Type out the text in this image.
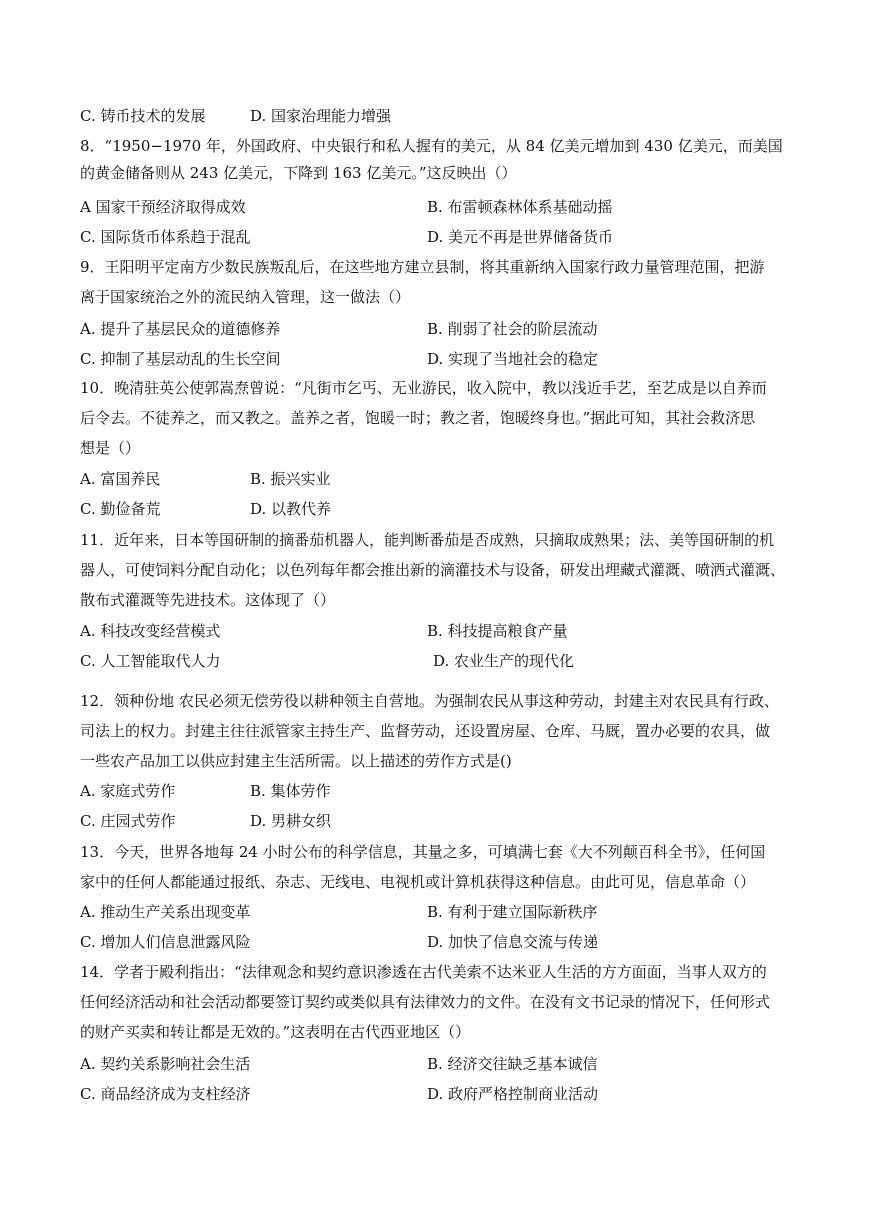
C. 铸币技术的发展	D. 国家治理能力增强
8．“1950−1970 年，外国政府、中央银行和私人握有的美元，从 84 亿美元增加到 430 亿美元，而美国
的黄金储备则从 243 亿美元，下降到 163 亿美元。”这反映出（）
A 国家干预经济取得成效	B. 布雷顿森林体系基础动摇
C. 国际货币体系趋于混乱	D. 美元不再是世界储备货币
9．王阳明平定南方少数民族叛乱后，在这些地方建立县制，将其重新纳入国家行政力量管理范围，把游
离于国家统治之外的流民纳入管理，这一做法（）
A. 提升了基层民众的道德修养	B. 削弱了社会的阶层流动
C. 抑制了基层动乱的生长空间	D. 实现了当地社会的稳定
10．晚清驻英公使郭嵩焘曾说：“凡街市乞丐、无业游民，收入院中，教以浅近手艺，至艺成是以自养而
后令去。不徒养之，而又教之。盖养之者，饱暖一时；教之者，饱暖终身也。”据此可知，其社会救济思
想是（）
A. 富国养民	B. 振兴实业
C. 勤俭备荒	D. 以教代养
11．近年来，日本等国研制的摘番茄机器人，能判断番茄是否成熟，只摘取成熟果；法、美等国研制的机
器人，可使饲料分配自动化；以色列每年都会推出新的滴灌技术与设备，研发出埋藏式灌溉、喷洒式灌溉、
散布式灌溉等先进技术。这体现了（）
A. 科技改变经营模式	B. 科技提高粮食产量
C. 人工智能取代人力	D. 农业生产的现代化
12．领种份地 农民必须无偿劳役以耕种领主自营地。为强制农民从事这种劳动，封建主对农民具有行政、
司法上的权力。封建主往往派管家主持生产、监督劳动，还设置房屋、仓库、马厩，置办必要的农具，做
一些农产品加工以供应封建主生活所需。以上描述的劳作方式是()
A. 家庭式劳作	B. 集体劳作
C. 庄园式劳作	D. 男耕女织
13．今天，世界各地每 24 小时公布的科学信息，其量之多，可填满七套《大不列颠百科全书》，任何国
家中的任何人都能通过报纸、杂志、无线电、电视机或计算机获得这种信息。由此可见，信息革命（）
A. 推动生产关系出现变革	B. 有利于建立国际新秩序
C. 增加人们信息泄露风险	D. 加快了信息交流与传递
14．学者于殿利指出：“法律观念和契约意识渗透在古代美索不达米亚人生活的方方面面，当事人双方的
任何经济活动和社会活动都要签订契约或类似具有法律效力的文件。在没有文书记录的情况下，任何形式
的财产买卖和转让都是无效的。”这表明在古代西亚地区（）
A. 契约关系影响社会生活	B. 经济交往缺乏基本诚信
C. 商品经济成为支柱经济	D. 政府严格控制商业活动
